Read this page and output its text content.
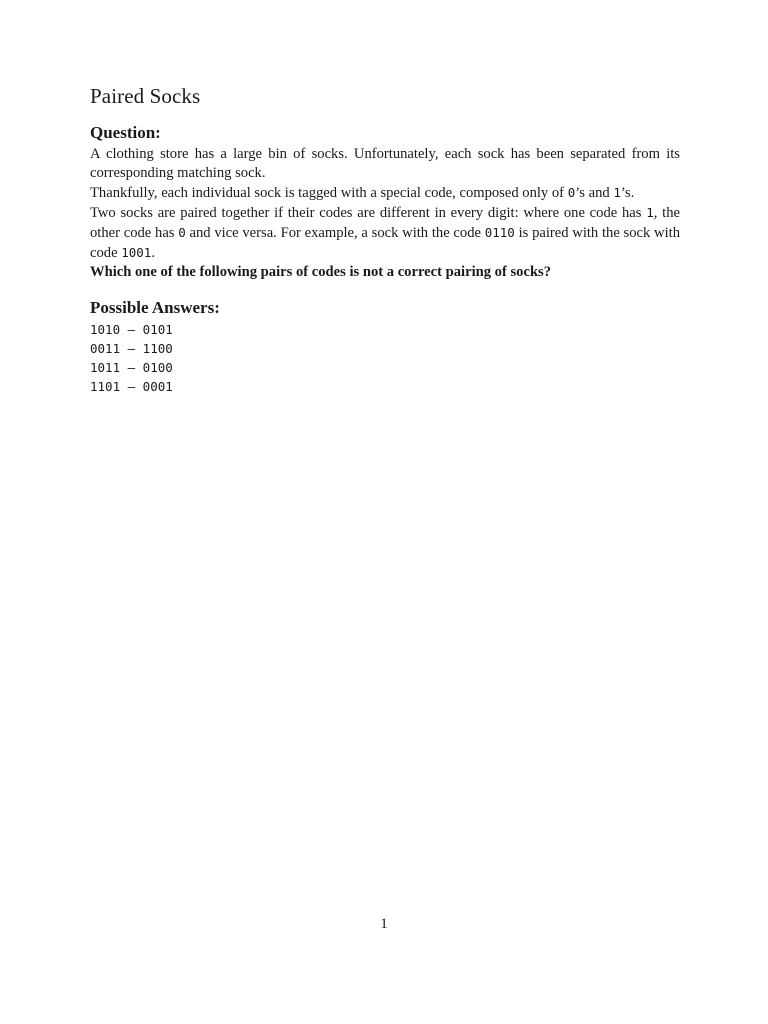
Paired Socks
Question:

A clothing store has a large bin of socks. Unfortunately, each sock has been separated from its corresponding matching sock.

Thankfully, each individual sock is tagged with a special code, composed only of 0’s and 1’s.

Two socks are paired together if their codes are different in every digit: where one code has 1, the other code has 0 and vice versa. For example, a sock with the code 0110 is paired with the sock with code 1001.

Which one of the following pairs of codes is not a correct pairing of socks?

Possible Answers:
1010 – 0101
0011 – 1100
1011 – 0100
1101 – 0001
1
